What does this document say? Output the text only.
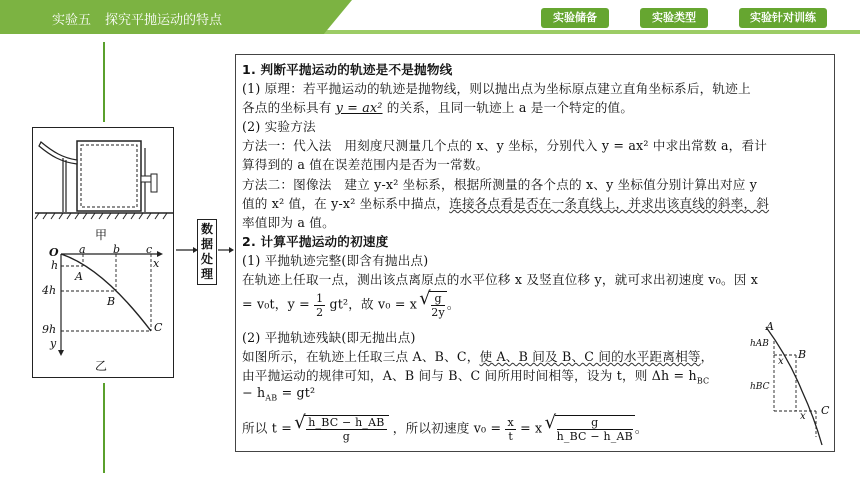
实验五 探究平抛运动的特点	实验储备	实验类型	实验针对训练
甲
O a b c
x
h
4h
9h
y
A
B
C
乙
数
据
处
理
1. 判断平抛运动的轨迹是不是抛物线
(1) 原理：若平抛运动的轨迹是抛物线，则以抛出点为坐标原点建立直角坐标系后，轨迹上
各点的坐标具有 y = ax² 的关系，且同一轨迹上 a 是一个特定的值。
(2) 实验方法
方法一：代入法　用刻度尺测量几个点的 x、y 坐标，分别代入 y = ax² 中求出常数 a，看计
算得到的 a 值在误差范围内是否为一常数。
方法二：图像法　建立 y-x² 坐标系，根据所测量的各个点的 x、y 坐标值分别计算出对应 y
值的 x² 值，在 y-x² 坐标系中描点，连接各点看是否在一条直线上，并求出该直线的斜率，斜
率值即为 a 值。
2. 计算平抛运动的初速度
(1) 平抛轨迹完整(即含有抛出点)
在轨迹上任取一点，测出该点离原点的水平位移 x 及竖直位移 y，就可求出初速度 v₀。因 x
= v₀t，$y = \frac{1}{2} gt^2$，故 v₀ = x √ $\frac{g}{2y}$ 。
(2) 平抛轨迹残缺(即无抛出点)
如图所示，在轨迹上任取三点 A、B、C，使 A、B 间及 B、C 间的水平距离相等，
由平抛运动的规律可知，A、B 间与 B、C 间所用时间相等，设为 t，则 $\Delta h = h_{BC}$
− $h_{AB} = gt^2$
所以 t = √ $\frac{h\_BC - h\_AB}{g}$ ，所以初速度 $v_0 = \frac{x}{t} = x$ √ $\frac{g}{h\_BC - h\_AB}$ 。
A
B
C
hAB
hBC
x
x
